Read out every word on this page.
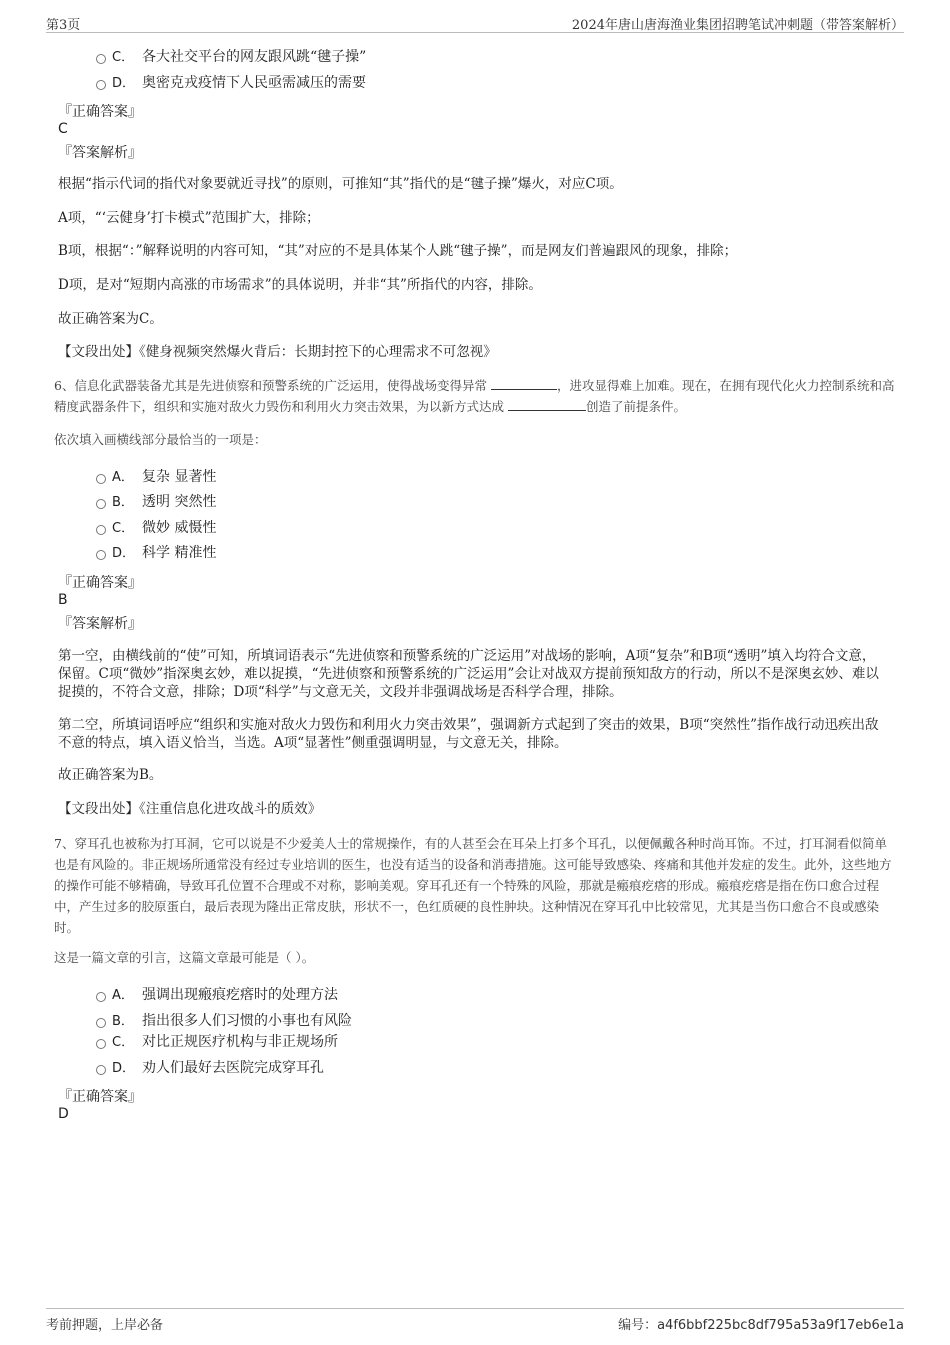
第3页	2024年唐山唐海渔业集团招聘笔试冲刺题（带答案解析）
C． 各大社交平台的网友跟风跳“毽子操”
D． 奥密克戎疫情下人民亟需减压的需要
『正确答案』
C
『答案解析』
根据“指示代词的指代对象要就近寻找”的原则，可推知“其”指代的是“毽子操”爆火，对应C项。
A项，“‘云健身’打卡模式”范围扩大，排除；
B项，根据“：”解释说明的内容可知，“其”对应的不是具体某个人跳“毽子操”，而是网友们普遍跟风的现象，排除；
D项，是对“短期内高涨的市场需求”的具体说明，并非“其”所指代的内容，排除。
故正确答案为C。
【文段出处】《健身视频突然爆火背后：长期封控下的心理需求不可忽视》
6、信息化武器装备尤其是先进侦察和预警系统的广泛运用，使得战场变得异常	，进攻显得难上加难。现在，在拥有现代化火力控制系统和高精度武器条件下，组织和实施对敌火力毁伤和利用火力突击效果，为以新方式达成	创造了前提条件。
依次填入画横线部分最恰当的一项是：
A． 复杂 显著性
B． 透明 突然性
C． 微妙 威慑性
D． 科学 精准性
『正确答案』
B
『答案解析』
第一空，由横线前的“使”可知，所填词语表示“先进侦察和预警系统的广泛运用”对战场的影响，A项“复杂”和B项“透明”填入均符合文意，保留。C项“微妙”指深奥玄妙，难以捉摸，“先进侦察和预警系统的广泛运用”会让对战双方提前预知敌方的行动，所以不是深奥玄妙、难以捉摸的，不符合文意，排除；D项“科学”与文意无关，文段并非强调战场是否科学合理，排除。
第二空，所填词语呼应“组织和实施对敌火力毁伤和利用火力突击效果”，强调新方式起到了突击的效果，B项“突然性”指作战行动迅疾出敌不意的特点，填入语义恰当，当选。A项“显著性”侧重强调明显，与文意无关，排除。
故正确答案为B。
【文段出处】《注重信息化进攻战斗的质效》
7、穿耳孔也被称为打耳洞，它可以说是不少爱美人士的常规操作，有的人甚至会在耳朵上打多个耳孔，以便佩戴各种时尚耳饰。不过，打耳洞看似简单也是有风险的。非正规场所通常没有经过专业培训的医生，也没有适当的设备和消毒措施。这可能导致感染、疼痛和其他并发症的发生。此外，这些地方的操作可能不够精确，导致耳孔位置不合理或不对称，影响美观。穿耳孔还有一个特殊的风险，那就是瘢痕疙瘩的形成。瘢痕疙瘩是指在伤口愈合过程中，产生过多的胶原蛋白，最后表现为隆出正常皮肤，形状不一，色红质硬的良性肿块。这种情况在穿耳孔中比较常见，尤其是当伤口愈合不良或感染时。
这是一篇文章的引言，这篇文章最可能是（ ）。
A． 强调出现瘢痕疙瘩时的处理方法
B． 指出很多人们习惯的小事也有风险
C． 对比正规医疗机构与非正规场所
D． 劝人们最好去医院完成穿耳孔
『正确答案』
D
考前押题，上岸必备	编号：a4f6bbf225bc8df795a53a9f17eb6e1a
